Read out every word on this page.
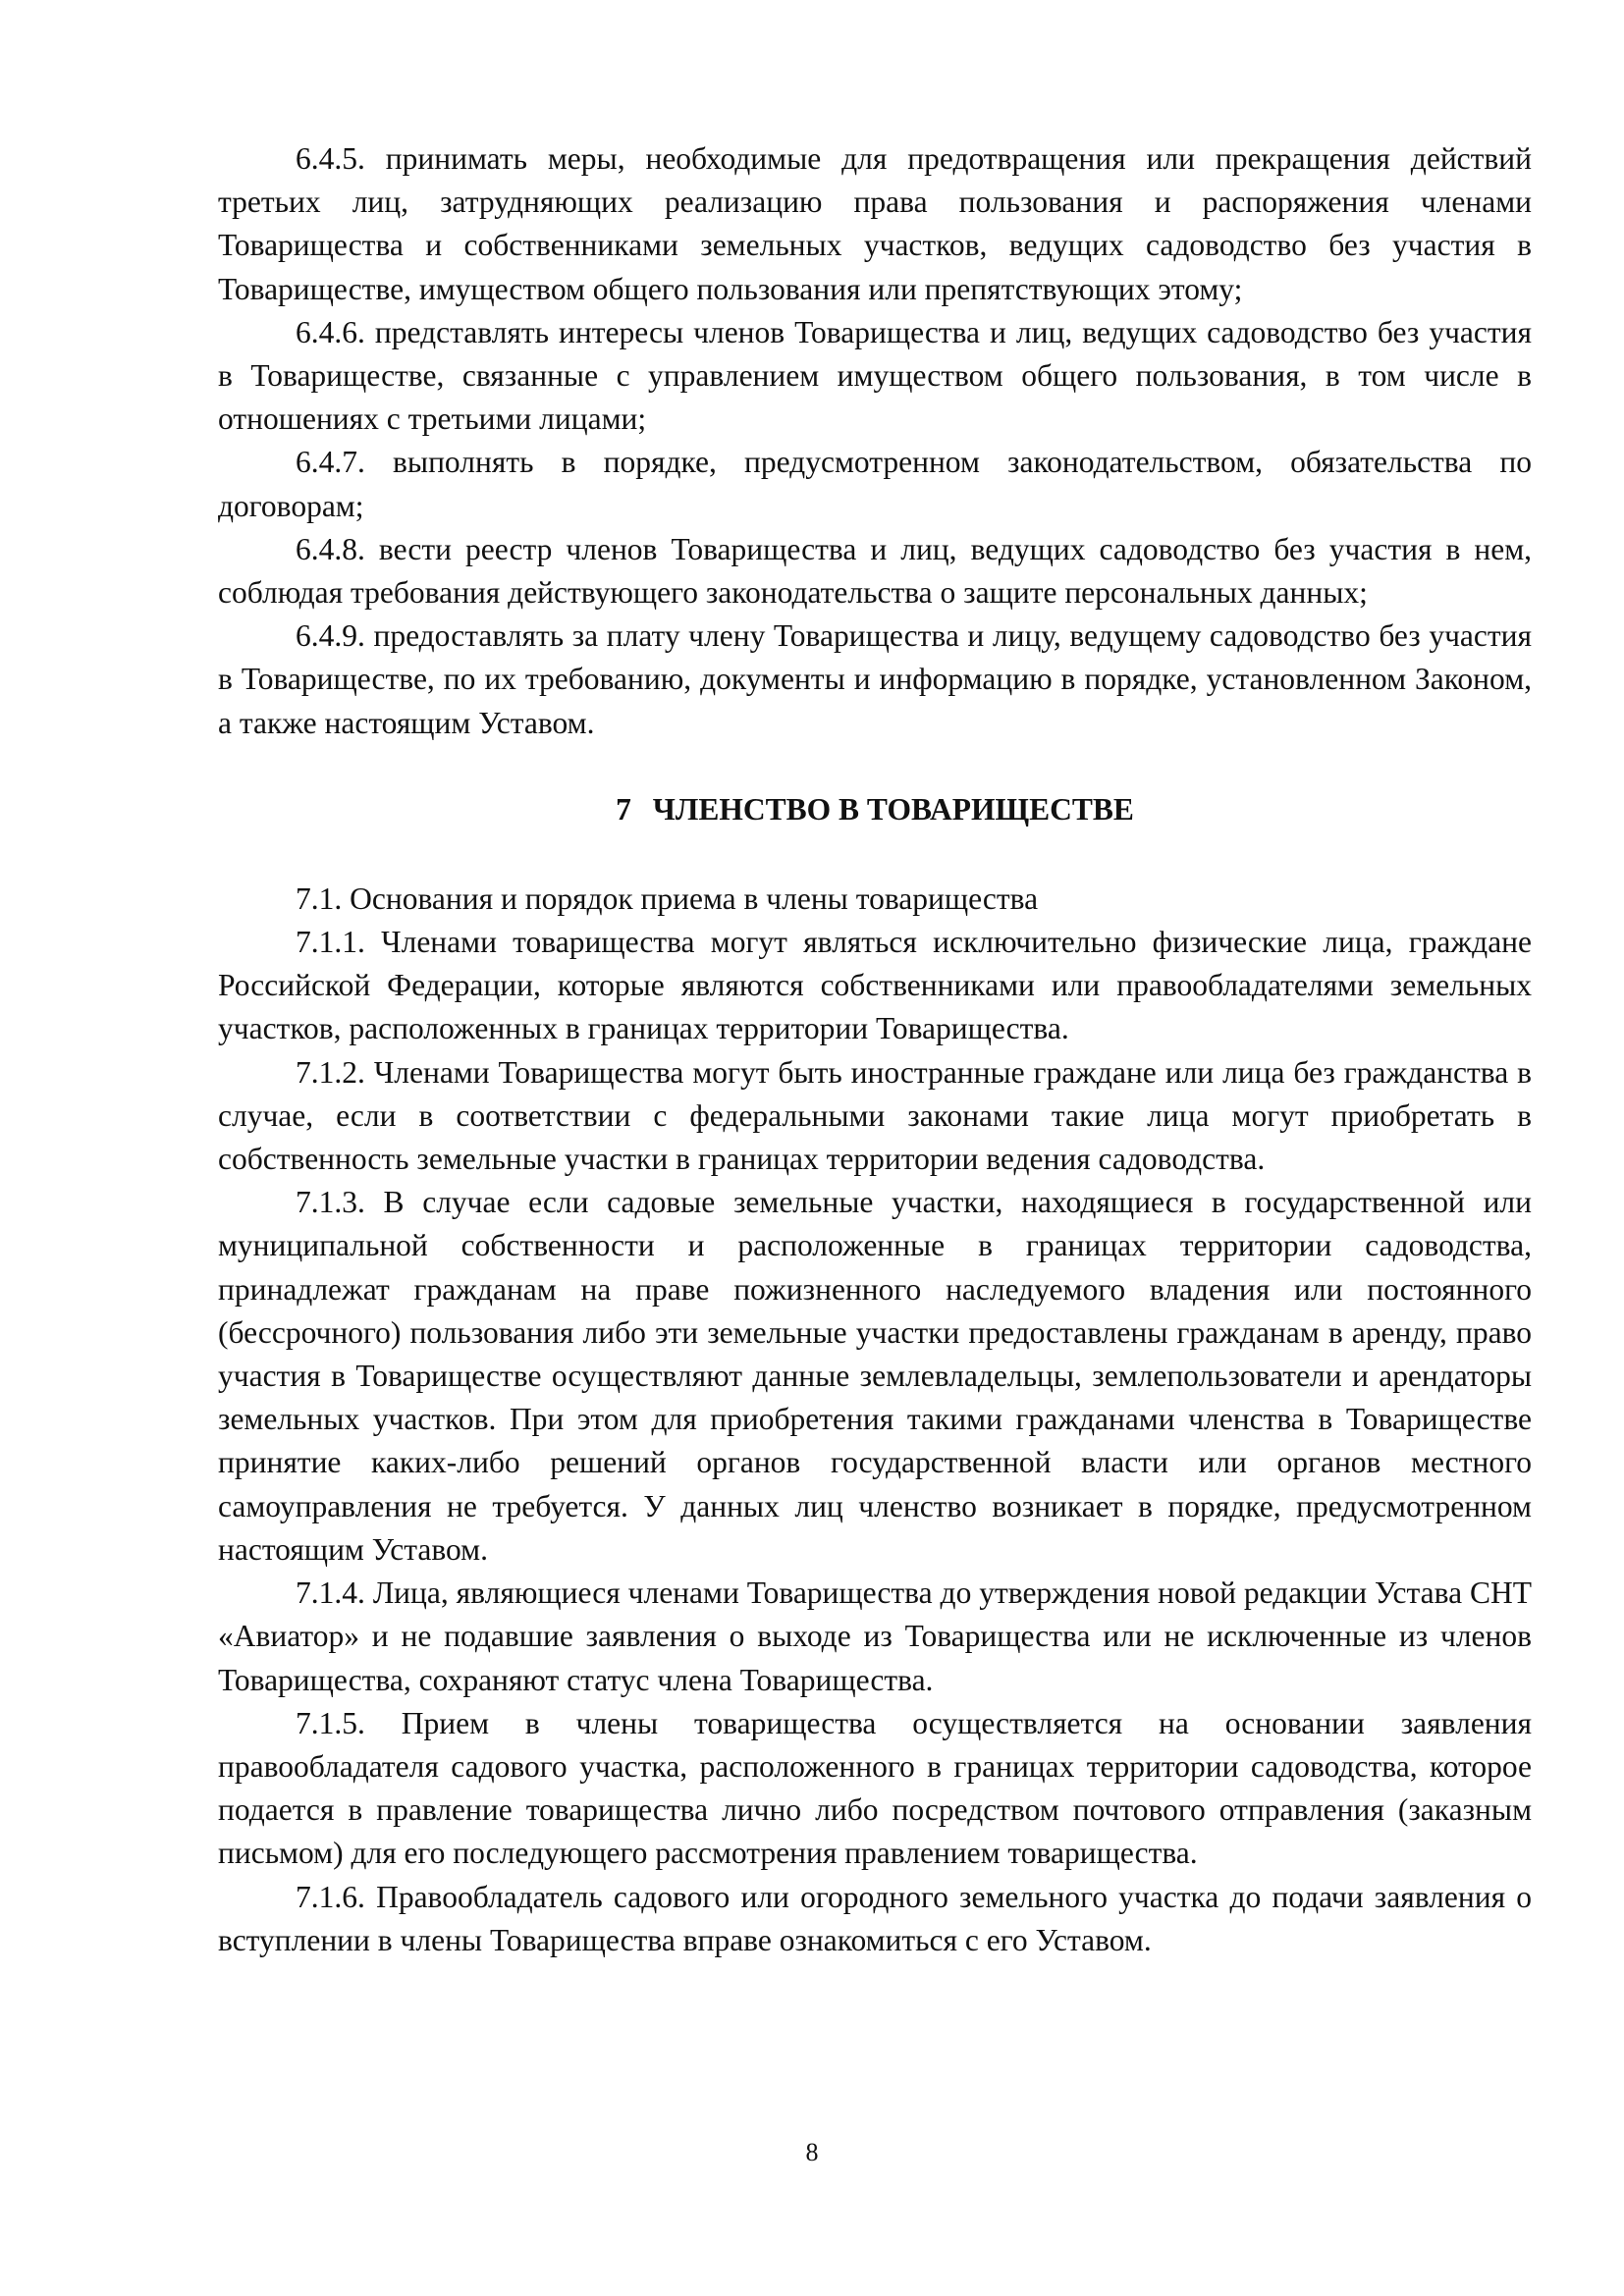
6.4.5. принимать меры, необходимые для предотвращения или прекращения действий третьих лиц, затрудняющих реализацию права пользования и распоряжения членами Товарищества и собственниками земельных участков, ведущих садоводство без участия в Товариществе, имуществом общего пользования или препятствующих этому;

6.4.6. представлять интересы членов Товарищества и лиц, ведущих садоводство без участия в Товариществе, связанные с управлением имуществом общего пользования, в том числе в отношениях с третьими лицами;

6.4.7. выполнять в порядке, предусмотренном законодательством, обязательства по договорам;

6.4.8. вести реестр членов Товарищества и лиц, ведущих садоводство без участия в нем, соблюдая требования действующего законодательства о защите персональных данных;

6.4.9. предоставлять за плату члену Товарищества и лицу, ведущему садоводство без участия в Товариществе, по их требованию, документы и информацию в порядке, установленном Законом, а также настоящим Уставом.

7 ЧЛЕНСТВО В ТОВАРИЩЕСТВЕ

7.1. Основания и порядок приема в члены товарищества

7.1.1. Членами товарищества могут являться исключительно физические лица, граждане Российской Федерации, которые являются собственниками или правообладателями земельных участков, расположенных в границах территории Товарищества.

7.1.2. Членами Товарищества могут быть иностранные граждане или лица без гражданства в случае, если в соответствии с федеральными законами такие лица могут приобретать в собственность земельные участки в границах территории ведения садоводства.

7.1.3. В случае если садовые земельные участки, находящиеся в государственной или муниципальной собственности и расположенные в границах территории садоводства, принадлежат гражданам на праве пожизненного наследуемого владения или постоянного (бессрочного) пользования либо эти земельные участки предоставлены гражданам в аренду, право участия в Товариществе осуществляют данные землевладельцы, землепользователи и арендаторы земельных участков. При этом для приобретения такими гражданами членства в Товариществе принятие каких-либо решений органов государственной власти или органов местного самоуправления не требуется. У данных лиц членство возникает в порядке, предусмотренном настоящим Уставом.

7.1.4. Лица, являющиеся членами Товарищества до утверждения новой редакции Устава СНТ «Авиатор» и не подавшие заявления о выходе из Товарищества или не исключенные из членов Товарищества, сохраняют статус члена Товарищества.

7.1.5. Прием в члены товарищества осуществляется на основании заявления правообладателя садового участка, расположенного в границах территории садоводства, которое подается в правление товарищества лично либо посредством почтового отправления (заказным письмом) для его последующего рассмотрения правлением товарищества.

7.1.6. Правообладатель садового или огородного земельного участка до подачи заявления о вступлении в члены Товарищества вправе ознакомиться с его Уставом.

8
